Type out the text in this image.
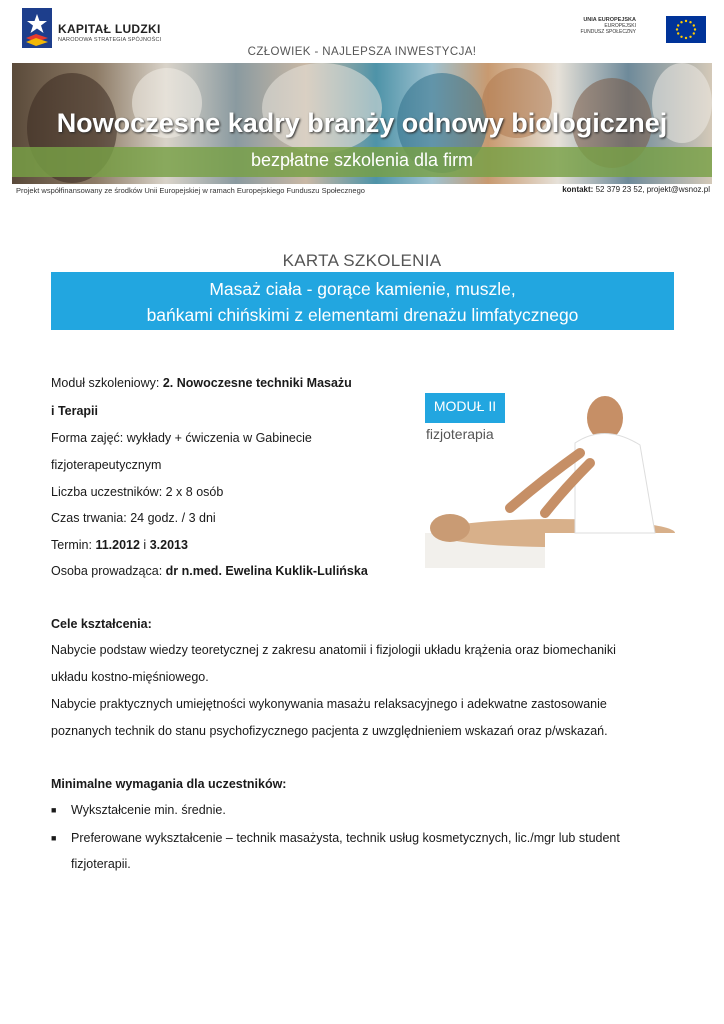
KAPITAŁ LUDZKI
NARODOWA STRATEGIA SPÓJNOŚCI
UNIA EUROPEJSKA
EUROPEJSKI
FUNDUSZ SPOŁECZNY
CZŁOWIEK - NAJLEPSZA INWESTYCJA!
Nowoczesne kadry branży odnowy biologicznej
bezpłatne szkolenia dla firm
Projekt współfinansowany ze środków Unii Europejskiej w ramach Europejskiego Funduszu Społecznego	kontakt: 52 379 23 52, projekt@wsnoz.pl
KARTA SZKOLENIA
Masaż ciała - gorące kamienie, muszle,
bańkami chińskimi z elementami drenażu limfatycznego
Moduł szkoleniowy: 2. Nowoczesne techniki Masażu
i Terapii
Forma zajęć: wykłady + ćwiczenia w Gabinecie
fizjoterapeutycznym
Liczba uczestników: 2 x 8 osób
Czas trwania: 24 godz. / 3 dni
Termin: 11.2012 i 3.2013
Osoba prowadząca: dr n.med. Ewelina Kuklik-Lulińska
MODUŁ II
fizjoterapia
Cele kształcenia:
Nabycie podstaw wiedzy teoretycznej z zakresu anatomii i fizjologii układu krążenia oraz biomechaniki
układu kostno-mięśniowego.
Nabycie praktycznych umiejętności wykonywania masażu relaksacyjnego i adekwatne zastosowanie
poznanych technik do stanu psychofizycznego pacjenta z uwzględnieniem wskazań oraz p/wskazań.
Minimalne wymagania dla uczestników:
■ Wykształcenie min. średnie.
■ Preferowane wykształcenie – technik masażysta, technik usług kosmetycznych, lic./mgr lub student
fizjoterapii.
